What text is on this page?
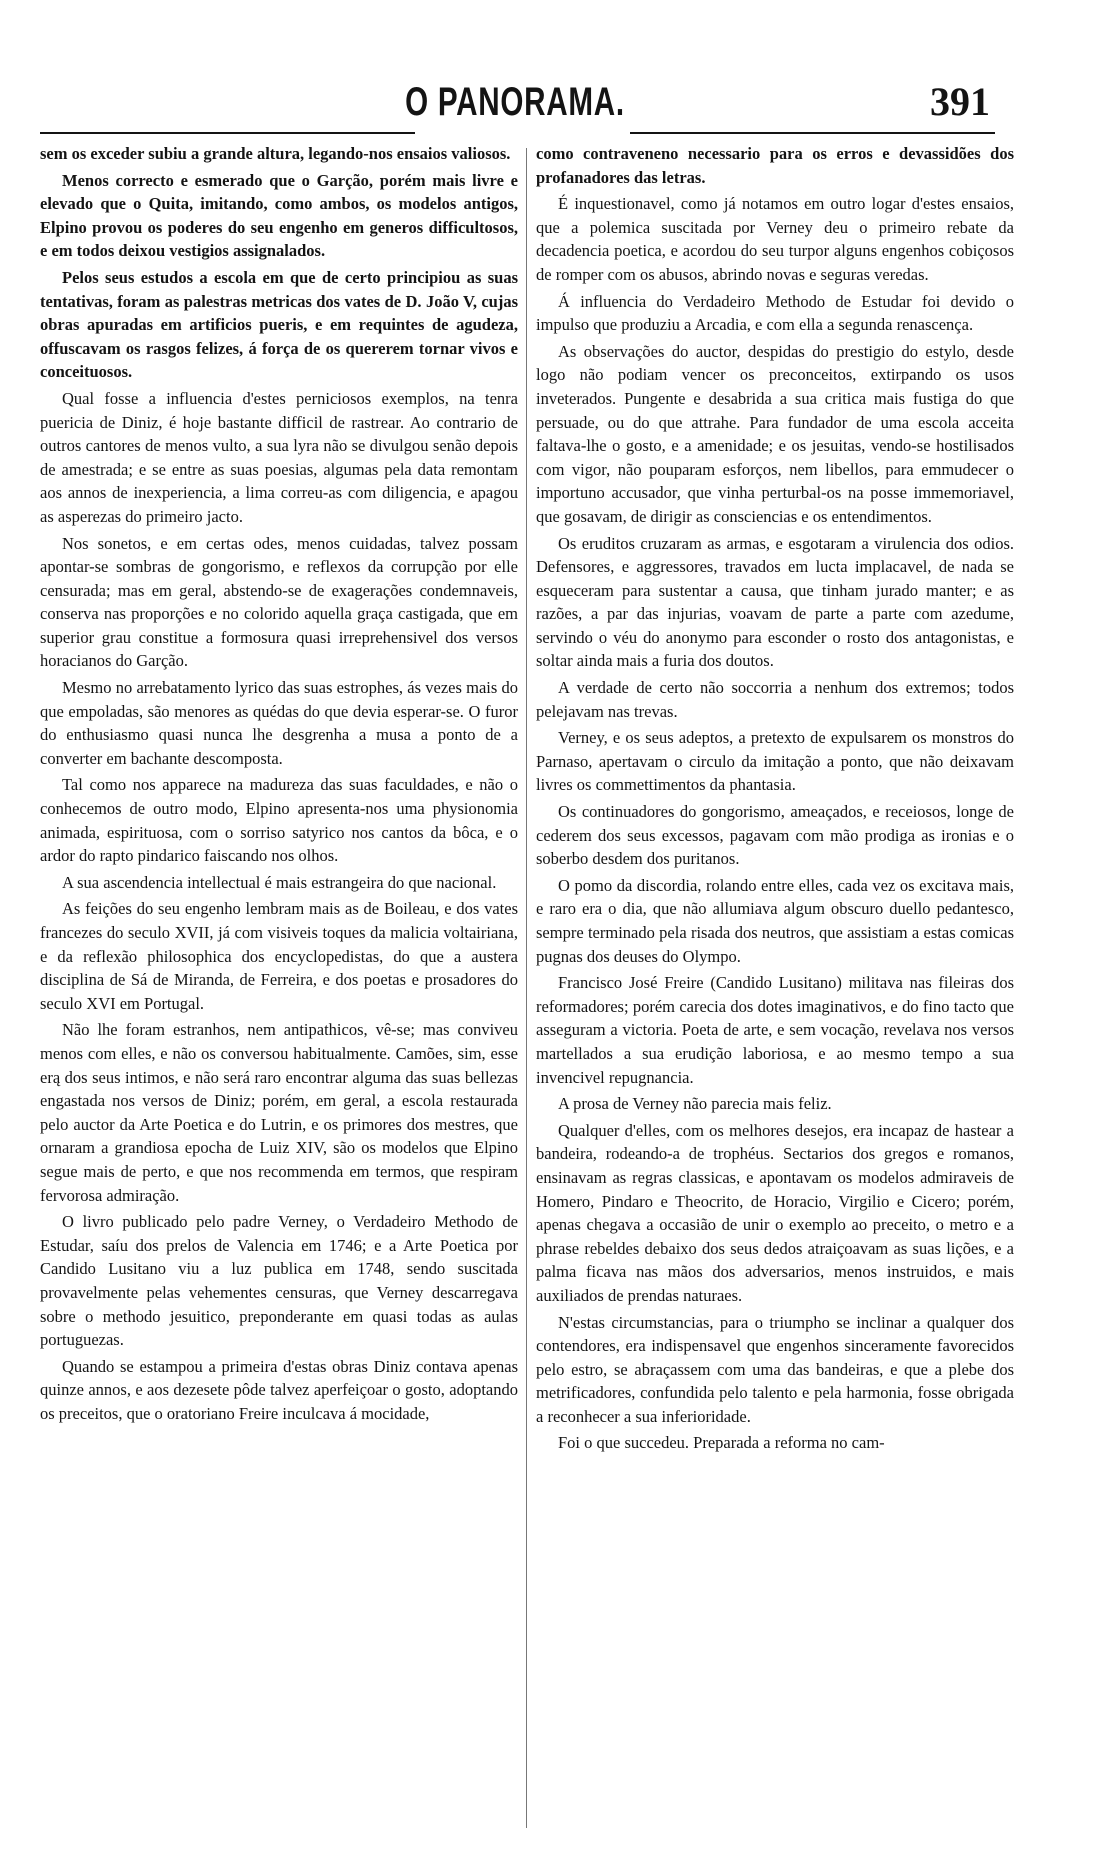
O PANORAMA.	391

sem os exceder subiu a grande altura, legando-nos ensaios valiosos.

Menos correcto e esmerado que o Garção, porém mais livre e elevado que o Quita, imitando, como ambos, os modelos antigos, Elpino provou os poderes do seu engenho em generos difficultosos, e em todos deixou vestigios assignalados.

Pelos seus estudos a escola em que de certo principiou as suas tentativas, foram as palestras metricas dos vates de D. João V, cujas obras apuradas em artificios pueris, e em requintes de agudeza, offuscavam os rasgos felizes, á força de os quererem tornar vivos e conceituosos.

Qual fosse a influencia d'estes perniciosos exemplos, na tenra puericia de Diniz, é hoje bastante difficil de rastrear. Ao contrario de outros cantores de menos vulto, a sua lyra não se divulgou senão depois de amestrada; e se entre as suas poesias, algumas pela data remontam aos annos de inexperiencia, a lima correu-as com diligencia, e apagou as asperezas do primeiro jacto.

Nos sonetos, e em certas odes, menos cuidadas, talvez possam apontar-se sombras de gongorismo, e reflexos da corrupção por elle censurada; mas em geral, abstendo-se de exagerações condemnaveis, conserva nas proporções e no colorido aquella graça castigada, que em superior grau constitue a formosura quasi irreprehensivel dos versos horacianos do Garção.

Mesmo no arrebatamento lyrico das suas estrophes, ás vezes mais do que empoladas, são menores as quédas do que devia esperar-se. O furor do enthusiasmo quasi nunca lhe desgrenha a musa a ponto de a converter em bachante descomposta.

Tal como nos apparece na madureza das suas faculdades, e não o conhecemos de outro modo, Elpino apresenta-nos uma physionomia animada, espirituosa, com o sorriso satyrico nos cantos da bôca, e o ardor do rapto pindarico faiscando nos olhos.

A sua ascendencia intellectual é mais estrangeira do que nacional.

As feições do seu engenho lembram mais as de Boileau, e dos vates francezes do seculo XVII, já com visiveis toques da malicia voltairiana, e da reflexão philosophica dos encyclopedistas, do que a austera disciplina de Sá de Miranda, de Ferreira, e dos poetas e prosadores do seculo XVI em Portugal.

Não lhe foram estranhos, nem antipathicos, vê-se; mas conviveu menos com elles, e não os conversou habitualmente. Camões, sim, esse erą dos seus intimos, e não será raro encontrar alguma das suas bellezas engastada nos versos de Diniz; porém, em geral, a escola restaurada pelo auctor da Arte Poetica e do Lutrin, e os primores dos mestres, que ornaram a grandiosa epocha de Luiz XIV, são os modelos que Elpino segue mais de perto, e que nos recommenda em termos, que respiram fervorosa admiração.

O livro publicado pelo padre Verney, o Verdadeiro Methodo de Estudar, saíu dos prelos de Valencia em 1746; e a Arte Poetica por Candido Lusitano viu a luz publica em 1748, sendo suscitada provavelmente pelas vehementes censuras, que Verney descarregava sobre o methodo jesuitico, preponderante em quasi todas as aulas portuguezas.

Quando se estampou a primeira d'estas obras Diniz contava apenas quinze annos, e aos dezesete pôde talvez aperfeiçoar o gosto, adoptando os preceitos, que o oratoriano Freire inculcava á mocidade,

como contraveneno necessario para os erros e devassidões dos profanadores das letras.

É inquestionavel, como já notamos em outro logar d'estes ensaios, que a polemica suscitada por Verney deu o primeiro rebate da decadencia poetica, e acordou do seu turpor alguns engenhos cobiçosos de romper com os abusos, abrindo novas e seguras veredas.

Á influencia do Verdadeiro Methodo de Estudar foi devido o impulso que produziu a Arcadia, e com ella a segunda renascença.

As observações do auctor, despidas do prestigio do estylo, desde logo não podiam vencer os preconceitos, extirpando os usos inveterados. Pungente e desabrida a sua critica mais fustiga do que persuade, ou do que attrahe. Para fundador de uma escola acceita faltava-lhe o gosto, e a amenidade; e os jesuitas, vendo-se hostilisados com vigor, não pouparam esforços, nem libellos, para emmudecer o importuno accusador, que vinha perturbal-os na posse immemoriavel, que gosavam, de dirigir as consciencias e os entendimentos.

Os eruditos cruzaram as armas, e esgotaram a virulencia dos odios. Defensores, e aggressores, travados em lucta implacavel, de nada se esqueceram para sustentar a causa, que tinham jurado manter; e as razões, a par das injurias, voavam de parte a parte com azedume, servindo o véu do anonymo para esconder o rosto dos antagonistas, e soltar ainda mais a furia dos doutos.

A verdade de certo não soccorria a nenhum dos extremos; todos pelejavam nas trevas.

Verney, e os seus adeptos, a pretexto de expulsarem os monstros do Parnaso, apertavam o circulo da imitação a ponto, que não deixavam livres os commettimentos da phantasia.

Os continuadores do gongorismo, ameaçados, e receiosos, longe de cederem dos seus excessos, pagavam com mão prodiga as ironias e o soberbo desdem dos puritanos.

O pomo da discordia, rolando entre elles, cada vez os excitava mais, e raro era o dia, que não allumiava algum obscuro duello pedantesco, sempre terminado pela risada dos neutros, que assistiam a estas comicas pugnas dos deuses do Olympo.

Francisco José Freire (Candido Lusitano) militava nas fileiras dos reformadores; porém carecia dos dotes imaginativos, e do fino tacto que asseguram a victoria. Poeta de arte, e sem vocação, revelava nos versos martellados a sua erudição laboriosa, e ao mesmo tempo a sua invencivel repugnancia.

A prosa de Verney não parecia mais feliz.

Qualquer d'elles, com os melhores desejos, era incapaz de hastear a bandeira, rodeando-a de trophéus. Sectarios dos gregos e romanos, ensinavam as regras classicas, e apontavam os modelos admiraveis de Homero, Pindaro e Theocrito, de Horacio, Virgilio e Cicero; porém, apenas chegava a occasião de unir o exemplo ao preceito, o metro e a phrase rebeldes debaixo dos seus dedos atraiçoavam as suas lições, e a palma ficava nas mãos dos adversarios, menos instruidos, e mais auxiliados de prendas naturaes.

N'estas circumstancias, para o triumpho se inclinar a qualquer dos contendores, era indispensavel que engenhos sinceramente favorecidos pelo estro, se abraçassem com uma das bandeiras, e que a plebe dos metrificadores, confundida pelo talento e pela harmonia, fosse obrigada a reconhecer a sua inferioridade.

Foi o que succedeu. Preparada a reforma no cam-
